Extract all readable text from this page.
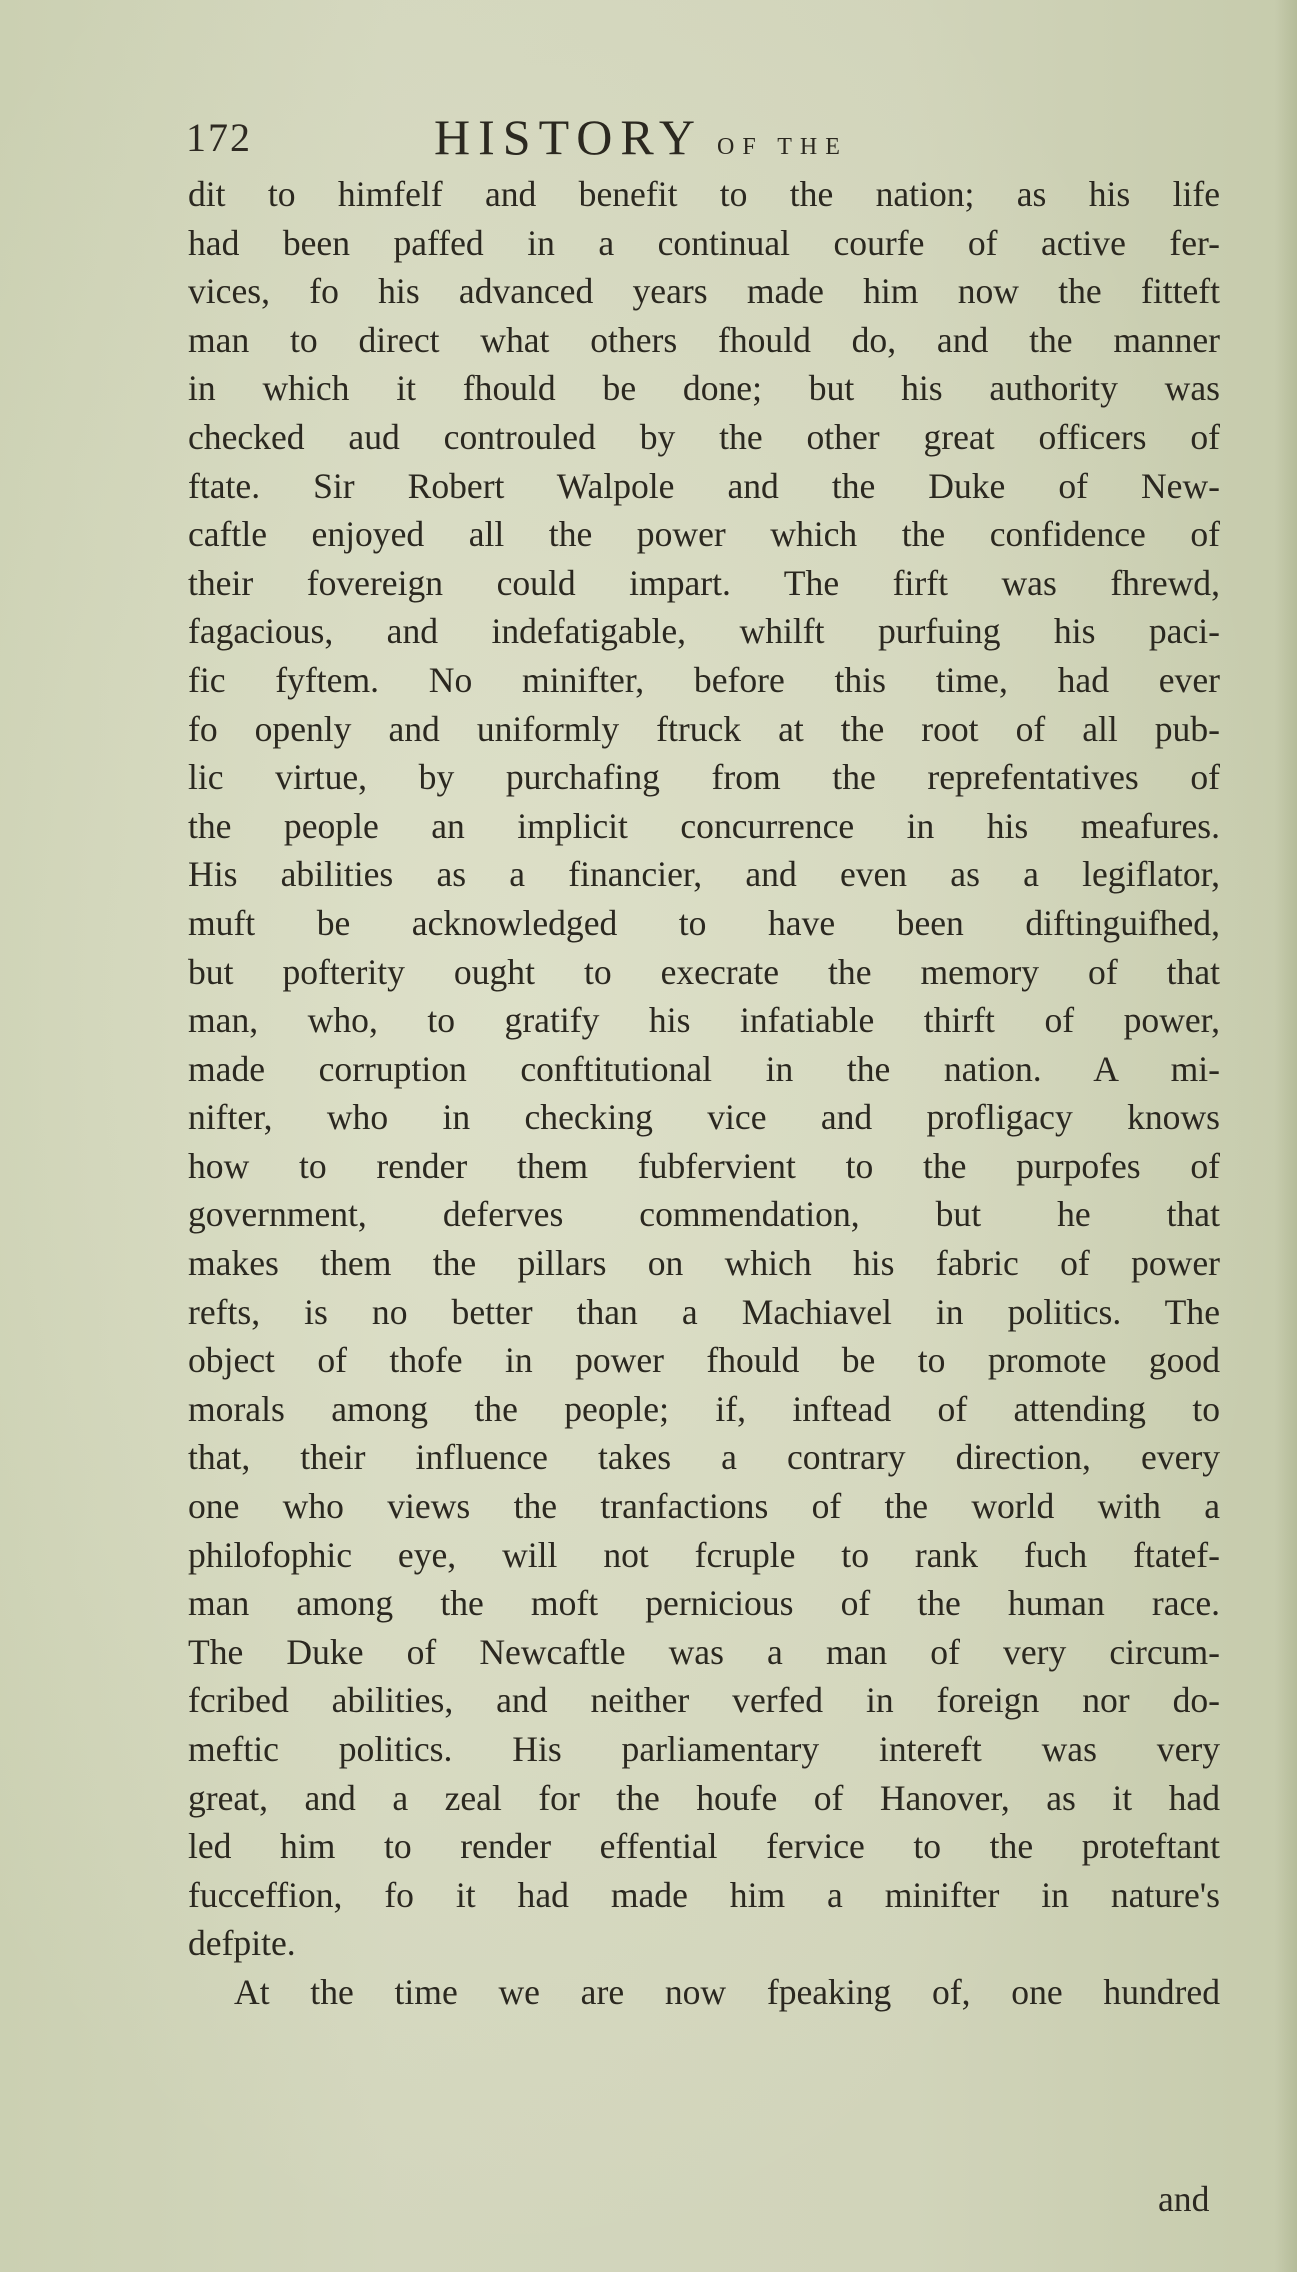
172	HISTORY OF THE
dit to himfelf and benefit to the nation; as his life
had been paffed in a continual courfe of active fer-
vices, fo his advanced years made him now the fitteft
man to direct what others fhould do, and the manner
in which it fhould be done; but his authority was
checked aud controuled by the other great officers of
ftate. Sir Robert Walpole and the Duke of New-
caftle enjoyed all the power which the confidence of
their fovereign could impart. The firft was fhrewd,
fagacious, and indefatigable, whilft purfuing his paci-
fic fyftem. No minifter, before this time, had ever
fo openly and uniformly ftruck at the root of all pub-
lic virtue, by purchafing from the reprefentatives of
the people an implicit concurrence in his meafures.
His abilities as a financier, and even as a legiflator,
muft be acknowledged to have been diftinguifhed,
but pofterity ought to execrate the memory of that
man, who, to gratify his infatiable thirft of power,
made corruption conftitutional in the nation. A mi-
nifter, who in checking vice and profligacy knows
how to render them fubfervient to the purpofes of
government, deferves commendation, but he that
makes them the pillars on which his fabric of power
refts, is no better than a Machiavel in politics. The
object of thofe in power fhould be to promote good
morals among the people; if, inftead of attending to
that, their influence takes a contrary direction, every
one who views the tranfactions of the world with a
philofophic eye, will not fcruple to rank fuch ftatef-
man among the moft pernicious of the human race.
The Duke of Newcaftle was a man of very circum-
fcribed abilities, and neither verfed in foreign nor do-
meftic politics. His parliamentary intereft was very
great, and a zeal for the houfe of Hanover, as it had
led him to render effential fervice to the proteftant
fucceffion, fo it had made him a minifter in nature's
defpite.
At the time we are now fpeaking of, one hundred
and
